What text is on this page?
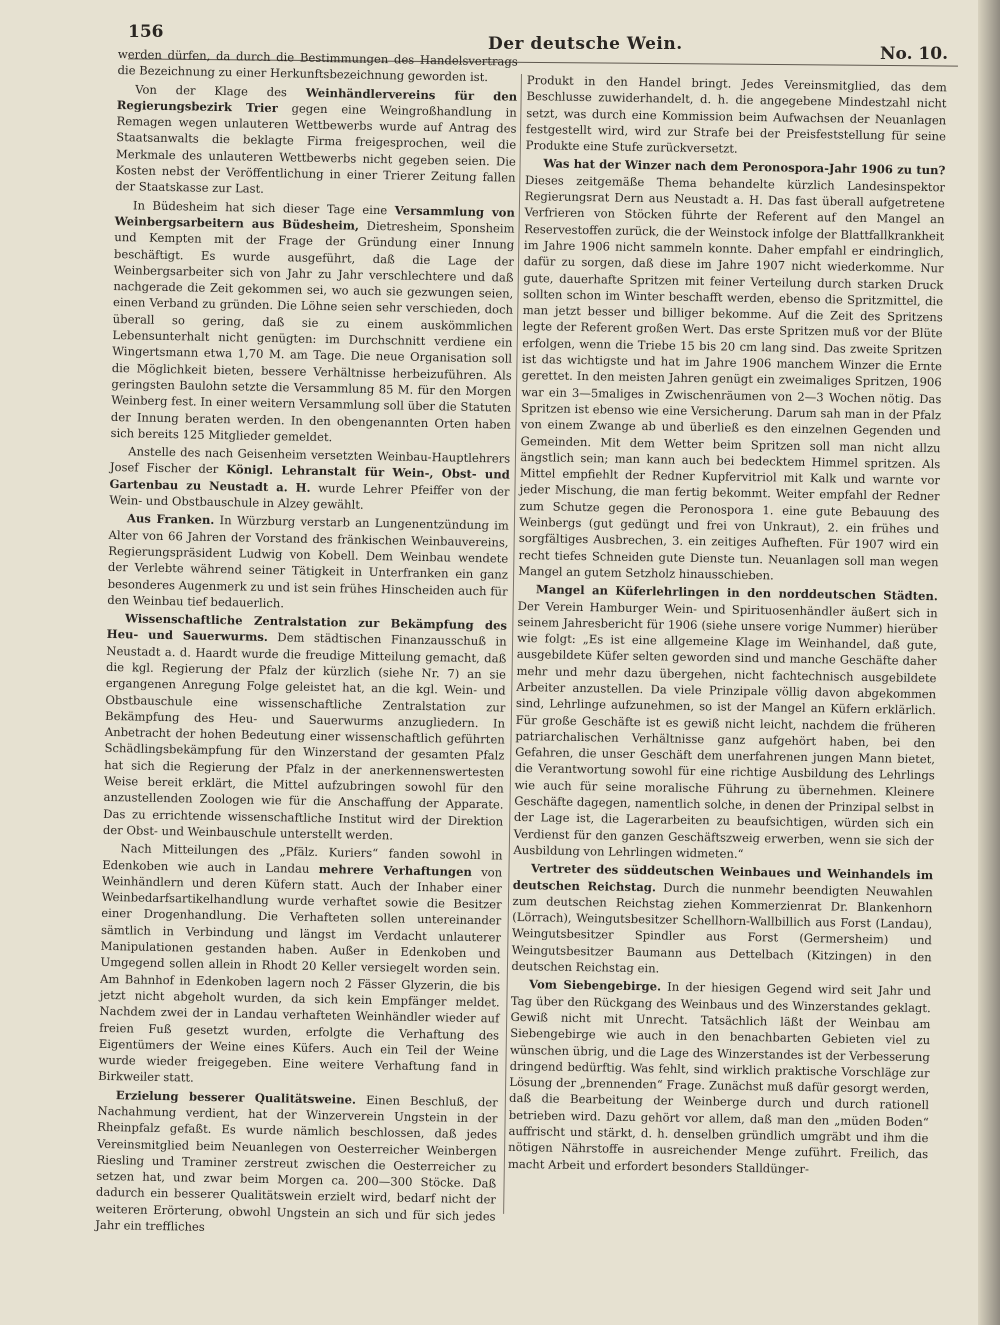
156
Der deutsche Wein.	No. 10.

werden dürfen, da durch die Bestimmungen des Handelsvertrags die Bezeichnung zu einer Herkunftsbezeichnung geworden ist.

Von der Klage des Weinhändlervereins für den Regierungsbezirk Trier gegen eine Weingroßhandlung in Remagen wegen unlauteren Wettbewerbs wurde auf Antrag des Staatsanwalts die beklagte Firma freigesprochen, weil die Merkmale des unlauteren Wettbewerbs nicht gegeben seien. Die Kosten nebst der Veröffentlichung in einer Trierer Zeitung fallen der Staatskasse zur Last.

In Büdesheim hat sich dieser Tage eine Versammlung von Weinbergsarbeitern aus Büdesheim, Dietresheim, Sponsheim und Kempten mit der Frage der Gründung einer Innung beschäftigt. Es wurde ausgeführt, daß die Lage der Weinbergsarbeiter sich von Jahr zu Jahr verschlechtere und daß nachgerade die Zeit gekommen sei, wo auch sie gezwungen seien, einen Verband zu gründen. Die Löhne seien sehr verschieden, doch überall so gering, daß sie zu einem auskömmlichen Lebensunterhalt nicht genügten: im Durchschnitt verdiene ein Wingertsmann etwa 1,70 M. am Tage. Die neue Organisation soll die Möglichkeit bieten, bessere Verhältnisse herbeizuführen. Als geringsten Baulohn setzte die Versammlung 85 M. für den Morgen Weinberg fest. In einer weitern Versammlung soll über die Statuten der Innung beraten werden. In den obengenannten Orten haben sich bereits 125 Mitglieder gemeldet.

Anstelle des nach Geisenheim versetzten Weinbau-Hauptlehrers Josef Fischer der Königl. Lehranstalt für Wein-, Obst- und Gartenbau zu Neustadt a. H. wurde Lehrer Pfeiffer von der Wein- und Obstbauschule in Alzey gewählt.

Aus Franken. In Würzburg verstarb an Lungenentzündung im Alter von 66 Jahren der Vorstand des fränkischen Weinbauvereins, Regierungspräsident Ludwig von Kobell. Dem Weinbau wendete der Verlebte während seiner Tätigkeit in Unterfranken ein ganz besonderes Augenmerk zu und ist sein frühes Hinscheiden auch für den Weinbau tief bedauerlich.

Wissenschaftliche Zentralstation zur Bekämpfung des Heu- und Sauerwurms. Dem städtischen Finanzausschuß in Neustadt a. d. Haardt wurde die freudige Mitteilung gemacht, daß die kgl. Regierung der Pfalz der kürzlich (siehe Nr. 7) an sie ergangenen Anregung Folge geleistet hat, an die kgl. Wein- und Obstbauschule eine wissenschaftliche Zentralstation zur Bekämpfung des Heu- und Sauerwurms anzugliedern. In Anbetracht der hohen Bedeutung einer wissenschaftlich geführten Schädlingsbekämpfung für den Winzerstand der gesamten Pfalz hat sich die Regierung der Pfalz in der anerkennenswertesten Weise bereit erklärt, die Mittel aufzubringen sowohl für den anzustellenden Zoologen wie für die Anschaffung der Apparate. Das zu errichtende wissenschaftliche Institut wird der Direktion der Obst- und Weinbauschule unterstellt werden.

Nach Mitteilungen des „Pfälz. Kuriers“ fanden sowohl in Edenkoben wie auch in Landau mehrere Verhaftungen von Weinhändlern und deren Küfern statt. Auch der Inhaber einer Weinbedarfsartikelhandlung wurde verhaftet sowie die Besitzer einer Drogenhandlung. Die Verhafteten sollen untereinander sämtlich in Verbindung und längst im Verdacht unlauterer Manipulationen gestanden haben. Außer in Edenkoben und Umgegend sollen allein in Rhodt 20 Keller versiegelt worden sein. Am Bahnhof in Edenkoben lagern noch 2 Fässer Glyzerin, die bis jetzt nicht abgeholt wurden, da sich kein Empfänger meldet. Nachdem zwei der in Landau verhafteten Weinhändler wieder auf freien Fuß gesetzt wurden, erfolgte die Verhaftung des Eigentümers der Weine eines Küfers. Auch ein Teil der Weine wurde wieder freigegeben. Eine weitere Verhaftung fand in Birkweiler statt.

Erzielung besserer Qualitätsweine. Einen Beschluß, der Nachahmung verdient, hat der Winzerverein Ungstein in der Rheinpfalz gefaßt. Es wurde nämlich beschlossen, daß jedes Vereinsmitglied beim Neuanlegen von Oesterreicher Weinbergen Riesling und Traminer zerstreut zwischen die Oesterreicher zu setzen hat, und zwar beim Morgen ca. 200—300 Stöcke. Daß dadurch ein besserer Qualitätswein erzielt wird, bedarf nicht der weiteren Erörterung, obwohl Ungstein an sich und für sich jedes Jahr ein treffliches

Produkt in den Handel bringt. Jedes Vereinsmitglied, das dem Beschlusse zuwiderhandelt, d. h. die angegebene Mindestzahl nicht setzt, was durch eine Kommission beim Aufwachsen der Neuanlagen festgestellt wird, wird zur Strafe bei der Preisfeststellung für seine Produkte eine Stufe zurückversetzt.

Was hat der Winzer nach dem Peronospora-Jahr 1906 zu tun? Dieses zeitgemäße Thema behandelte kürzlich Landesinspektor Regierungsrat Dern aus Neustadt a. H. Das fast überall aufgetretene Verfrieren von Stöcken führte der Referent auf den Mangel an Reservestoffen zurück, die der Weinstock infolge der Blattfallkrankheit im Jahre 1906 nicht sammeln konnte. Daher empfahl er eindringlich, dafür zu sorgen, daß diese im Jahre 1907 nicht wiederkomme. Nur gute, dauerhafte Spritzen mit feiner Verteilung durch starken Druck sollten schon im Winter beschafft werden, ebenso die Spritzmittel, die man jetzt besser und billiger bekomme. Auf die Zeit des Spritzens legte der Referent großen Wert. Das erste Spritzen muß vor der Blüte erfolgen, wenn die Triebe 15 bis 20 cm lang sind. Das zweite Spritzen ist das wichtigste und hat im Jahre 1906 manchem Winzer die Ernte gerettet. In den meisten Jahren genügt ein zweimaliges Spritzen, 1906 war ein 3—5maliges in Zwischenräumen von 2—3 Wochen nötig. Das Spritzen ist ebenso wie eine Versicherung. Darum sah man in der Pfalz von einem Zwange ab und überließ es den einzelnen Gegenden und Gemeinden. Mit dem Wetter beim Spritzen soll man nicht allzu ängstlich sein; man kann auch bei bedecktem Himmel spritzen. Als Mittel empfiehlt der Redner Kupfervitriol mit Kalk und warnte vor jeder Mischung, die man fertig bekommt. Weiter empfahl der Redner zum Schutze gegen die Peronospora 1. eine gute Bebauung des Weinbergs (gut gedüngt und frei von Unkraut), 2. ein frühes und sorgfältiges Ausbrechen, 3. ein zeitiges Aufheften. Für 1907 wird ein recht tiefes Schneiden gute Dienste tun. Neuanlagen soll man wegen Mangel an gutem Setzholz hinausschieben.

Mangel an Küferlehrlingen in den norddeutschen Städten. Der Verein Hamburger Wein- und Spirituosenhändler äußert sich in seinem Jahresbericht für 1906 (siehe unsere vorige Nummer) hierüber wie folgt: „Es ist eine allgemeine Klage im Weinhandel, daß gute, ausgebildete Küfer selten geworden sind und manche Geschäfte daher mehr und mehr dazu übergehen, nicht fachtechnisch ausgebildete Arbeiter anzustellen. Da viele Prinzipale völlig davon abgekommen sind, Lehrlinge aufzunehmen, so ist der Mangel an Küfern erklärlich. Für große Geschäfte ist es gewiß nicht leicht, nachdem die früheren patriarchalischen Verhältnisse ganz aufgehört haben, bei den Gefahren, die unser Geschäft dem unerfahrenen jungen Mann bietet, die Verantwortung sowohl für eine richtige Ausbildung des Lehrlings wie auch für seine moralische Führung zu übernehmen. Kleinere Geschäfte dagegen, namentlich solche, in denen der Prinzipal selbst in der Lage ist, die Lagerarbeiten zu beaufsichtigen, würden sich ein Verdienst für den ganzen Geschäftszweig erwerben, wenn sie sich der Ausbildung von Lehrlingen widmeten.“

Vertreter des süddeutschen Weinbaues und Weinhandels im deutschen Reichstag. Durch die nunmehr beendigten Neuwahlen zum deutschen Reichstag ziehen Kommerzienrat Dr. Blankenhorn (Lörrach), Weingutsbesitzer Schellhorn-Wallbillich aus Forst (Landau), Weingutsbesitzer Spindler aus Forst (Germersheim) und Weingutsbesitzer Baumann aus Dettelbach (Kitzingen) in den deutschen Reichstag ein.

Vom Siebengebirge. In der hiesigen Gegend wird seit Jahr und Tag über den Rückgang des Weinbaus und des Winzerstandes geklagt. Gewiß nicht mit Unrecht. Tatsächlich läßt der Weinbau am Siebengebirge wie auch in den benachbarten Gebieten viel zu wünschen übrig, und die Lage des Winzerstandes ist der Verbesserung dringend bedürftig. Was fehlt, sind wirklich praktische Vorschläge zur Lösung der „brennenden“ Frage. Zunächst muß dafür gesorgt werden, daß die Bearbeitung der Weinberge durch und durch rationell betrieben wird. Dazu gehört vor allem, daß man den „müden Boden“ auffrischt und stärkt, d. h. denselben gründlich umgräbt und ihm die nötigen Nährstoffe in ausreichender Menge zuführt. Freilich, das macht Arbeit und erfordert besonders Stalldünger-
